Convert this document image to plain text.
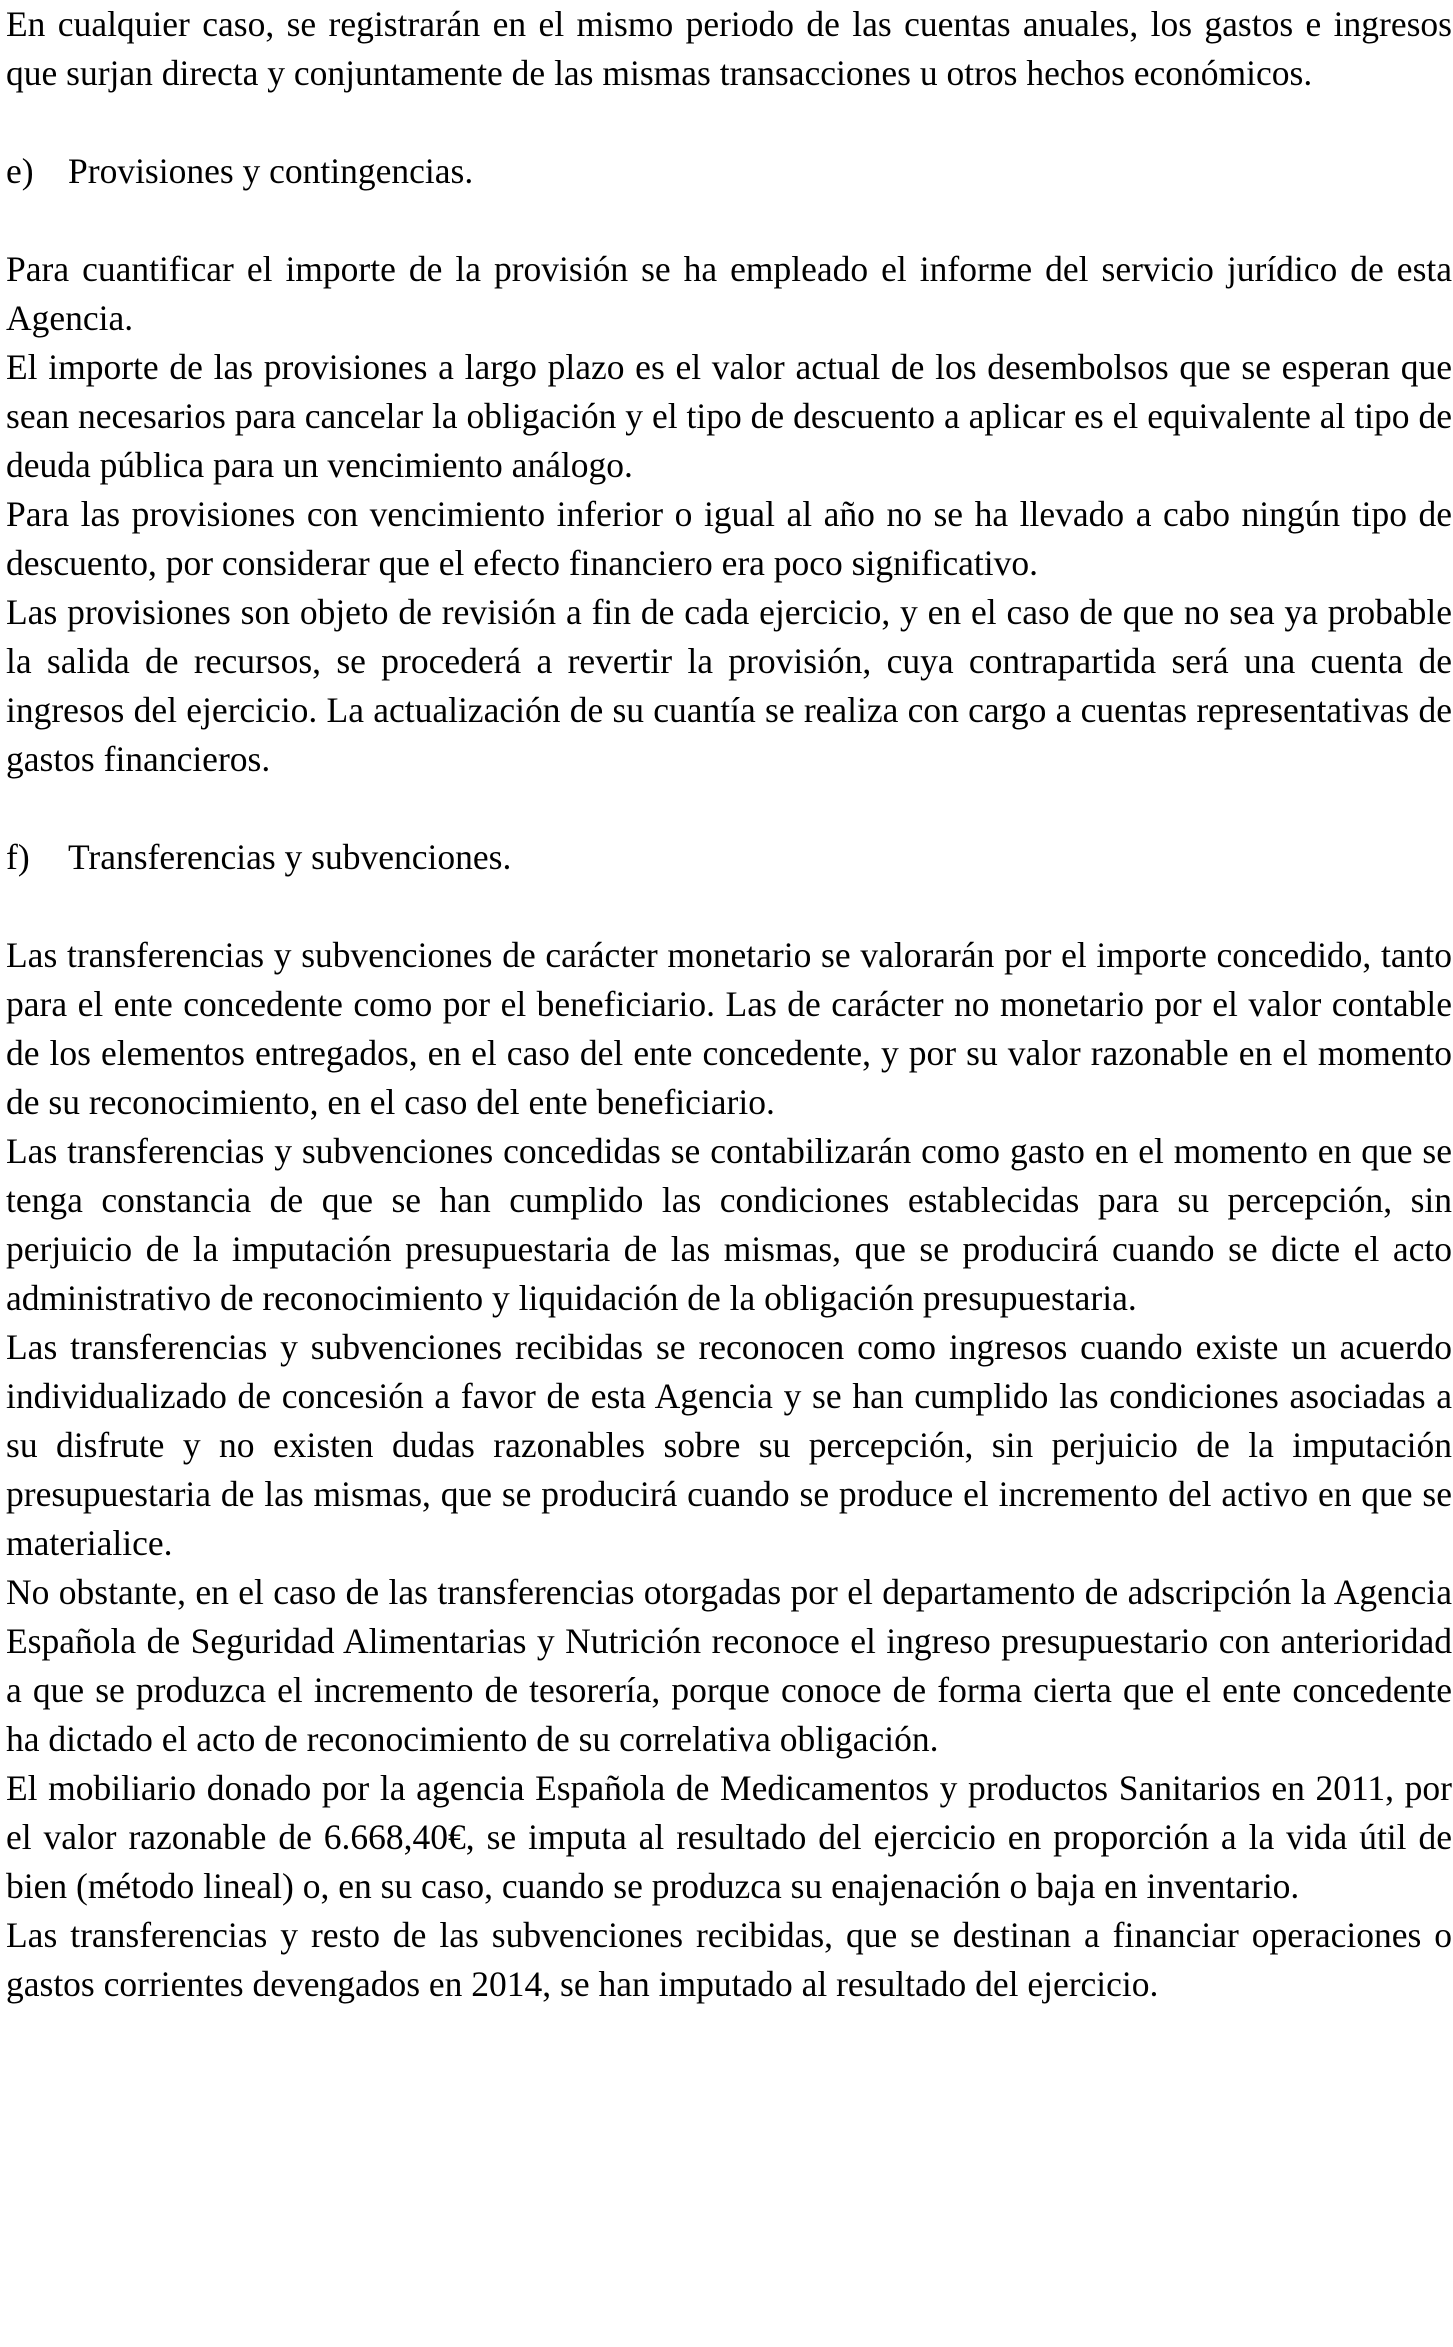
En cualquier caso, se registrarán en el mismo periodo de las cuentas anuales, los gastos e ingresos que surjan directa y conjuntamente de las mismas transacciones u otros hechos económicos.

e) Provisiones y contingencias.

Para cuantificar el importe de la provisión se ha empleado el informe del servicio jurídico de esta Agencia.

El importe de las provisiones a largo plazo es el valor actual de los desembolsos que se esperan que sean necesarios para cancelar la obligación y el tipo de descuento a aplicar es el equivalente al tipo de deuda pública para un vencimiento análogo.

Para las provisiones con vencimiento inferior o igual al año no se ha llevado a cabo ningún tipo de descuento, por considerar que el efecto financiero era poco significativo.

Las provisiones son objeto de revisión a fin de cada ejercicio, y en el caso de que no sea ya probable la salida de recursos, se procederá a revertir la provisión, cuya contrapartida será una cuenta de ingresos del ejercicio. La actualización de su cuantía se realiza con cargo a cuentas representativas de gastos financieros.

f)	Transferencias y subvenciones.

Las transferencias y subvenciones de carácter monetario se valorarán por el importe concedido, tanto para el ente concedente como por el beneficiario. Las de carácter no monetario por el valor contable de los elementos entregados, en el caso del ente concedente, y por su valor razonable en el momento de su reconocimiento, en el caso del ente beneficiario.

Las transferencias y subvenciones concedidas se contabilizarán como gasto en el momento en que se tenga constancia de que se han cumplido las condiciones establecidas para su percepción, sin perjuicio de la imputación presupuestaria de las mismas, que se producirá cuando se dicte el acto administrativo de reconocimiento y liquidación de la obligación presupuestaria.

Las transferencias y subvenciones recibidas se reconocen como ingresos cuando existe un acuerdo individualizado de concesión a favor de esta Agencia y se han cumplido las condiciones asociadas a su disfrute y no existen dudas razonables sobre su percepción, sin perjuicio de la imputación presupuestaria de las mismas, que se producirá cuando se produce el incremento del activo en que se materialice.

No obstante, en el caso de las transferencias otorgadas por el departamento de adscripción la Agencia Española de Seguridad Alimentarias y Nutrición reconoce el ingreso presupuestario con anterioridad a que se produzca el incremento de tesorería, porque conoce de forma cierta que el ente concedente ha dictado el acto de reconocimiento de su correlativa obligación.

El mobiliario donado por la agencia Española de Medicamentos y productos Sanitarios en 2011, por el valor razonable de 6.668,40€, se imputa al resultado del ejercicio en proporción a la vida útil de bien (método lineal) o, en su caso, cuando se produzca su enajenación o baja en inventario.

Las transferencias y resto de las subvenciones recibidas, que se destinan a financiar operaciones o gastos corrientes devengados en 2014, se han imputado al resultado del ejercicio.
